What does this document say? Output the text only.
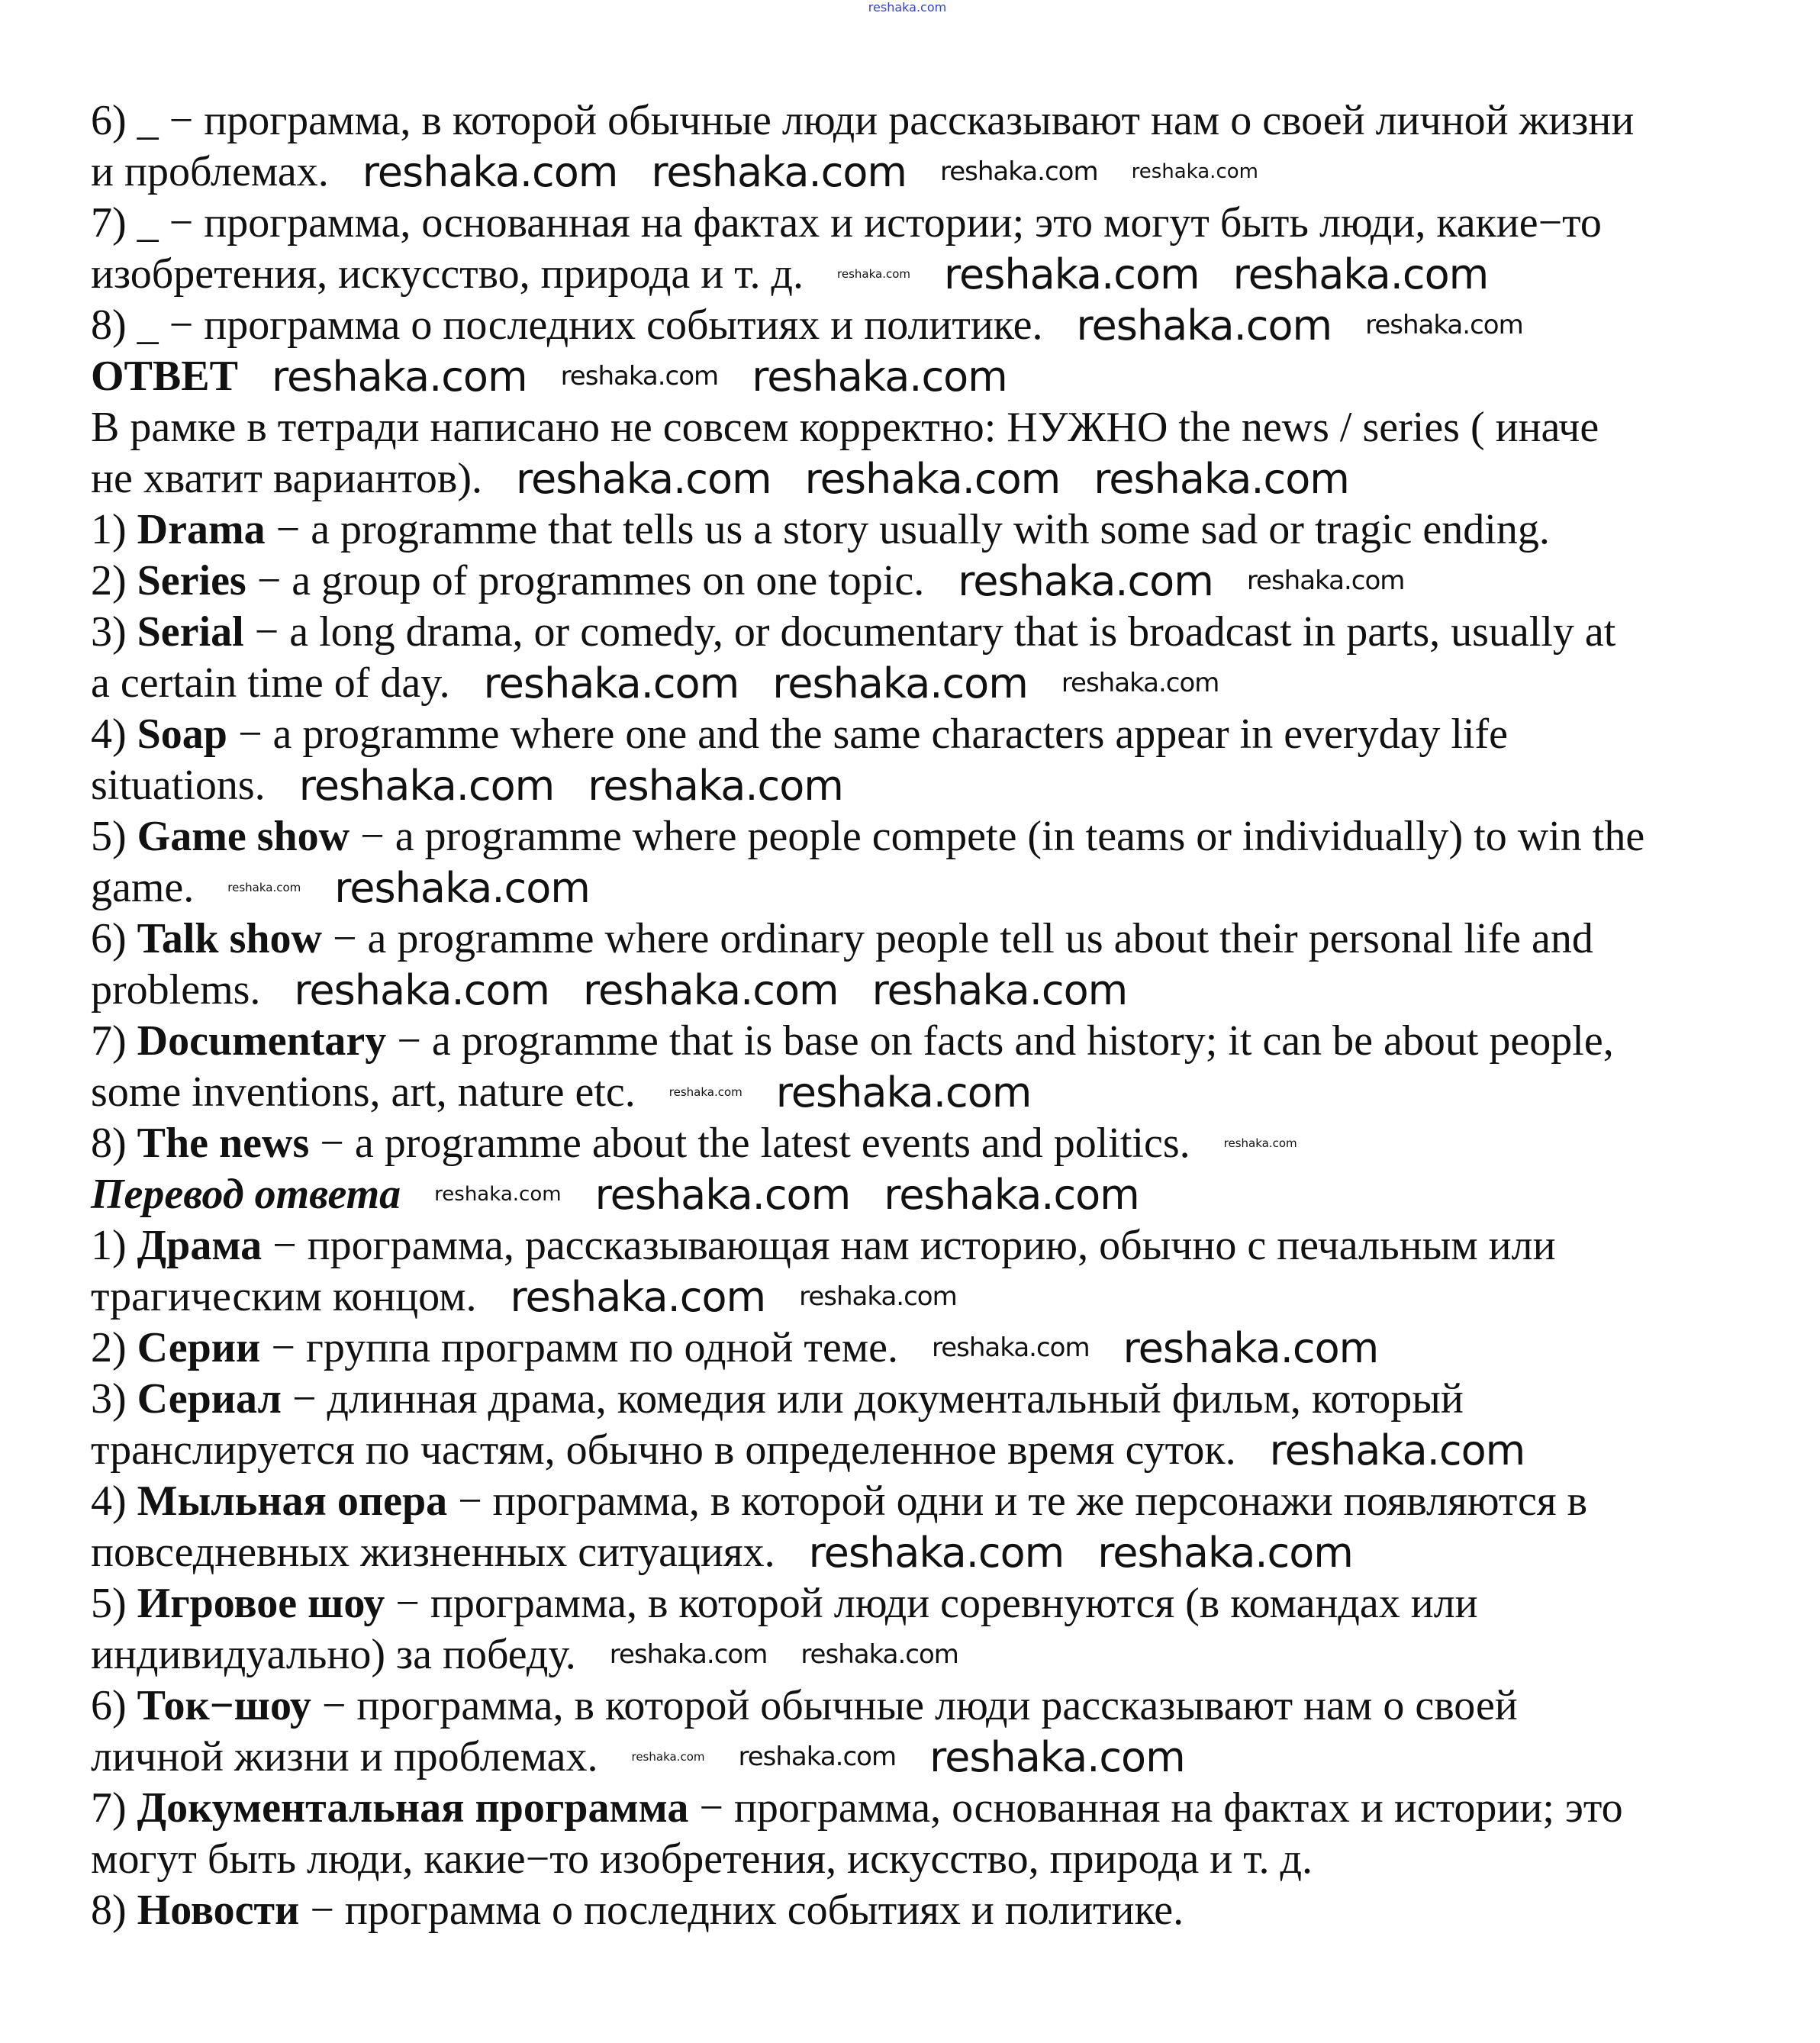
reshaka.com
6) _ − программа, в которой обычные люди рассказывают нам о своей личной жизни
и проблемах. reshaka.com reshaka.com reshaka.com reshaka.com
7) _ − программа, основанная на фактах и истории; это могут быть люди, какие−то
изобретения, искусство, природа и т. д.	reshaka.com reshaka.com reshaka.com
8) _ − программа о последних событиях и политике. reshaka.com reshaka.com
ОТВЕТ reshaka.com reshaka.com reshaka.com
В рамке в тетради написано не совсем корректно: НУЖНО the news / series ( иначе
не хватит вариантов). reshaka.com reshaka.com reshaka.com
1) Drama − a programme that tells us a story usually with some sad or tragic ending.
2) Series − a group of programmes on one topic. reshaka.com reshaka.com
3) Serial − a long drama, or comedy, or documentary that is broadcast in parts, usually at
a certain time of day. reshaka.com reshaka.com reshaka.com
4) Soap − a programme where one and the same characters appear in everyday life
situations. reshaka.com reshaka.com
5) Game show − a programme where people compete (in teams or individually) to win the
game.	reshaka.com reshaka.com
6) Talk show − a programme where ordinary people tell us about their personal life and
problems. reshaka.com reshaka.com reshaka.com
7) Documentary − a programme that is base on facts and history; it can be about people,
some inventions, art, nature etc.	reshaka.com reshaka.com
8) The news − a programme about the latest events and politics.	reshaka.com
Перевод ответа reshaka.com reshaka.com reshaka.com
1) Драма − программа, рассказывающая нам историю, обычно с печальным или
трагическим концом. reshaka.com reshaka.com
2) Серии − группа программ по одной теме. reshaka.com reshaka.com
3) Сериал − длинная драма, комедия или документальный фильм, который
транслируется по частям, обычно в определенное время суток. reshaka.com
4) Мыльная опера − программа, в которой одни и те же персонажи появляются в
повседневных жизненных ситуациях. reshaka.com reshaka.com
5) Игровое шоу − программа, в которой люди соревнуются (в командах или
индивидуально) за победу. reshaka.com reshaka.com
6) Ток−шоу − программа, в которой обычные люди рассказывают нам о своей
личной жизни и проблемах.	reshaka.com reshaka.com reshaka.com
7) Документальная программа − программа, основанная на фактах и истории; это
могут быть люди, какие−то изобретения, искусство, природа и т. д.
8) Новости − программа о последних событиях и политике.
